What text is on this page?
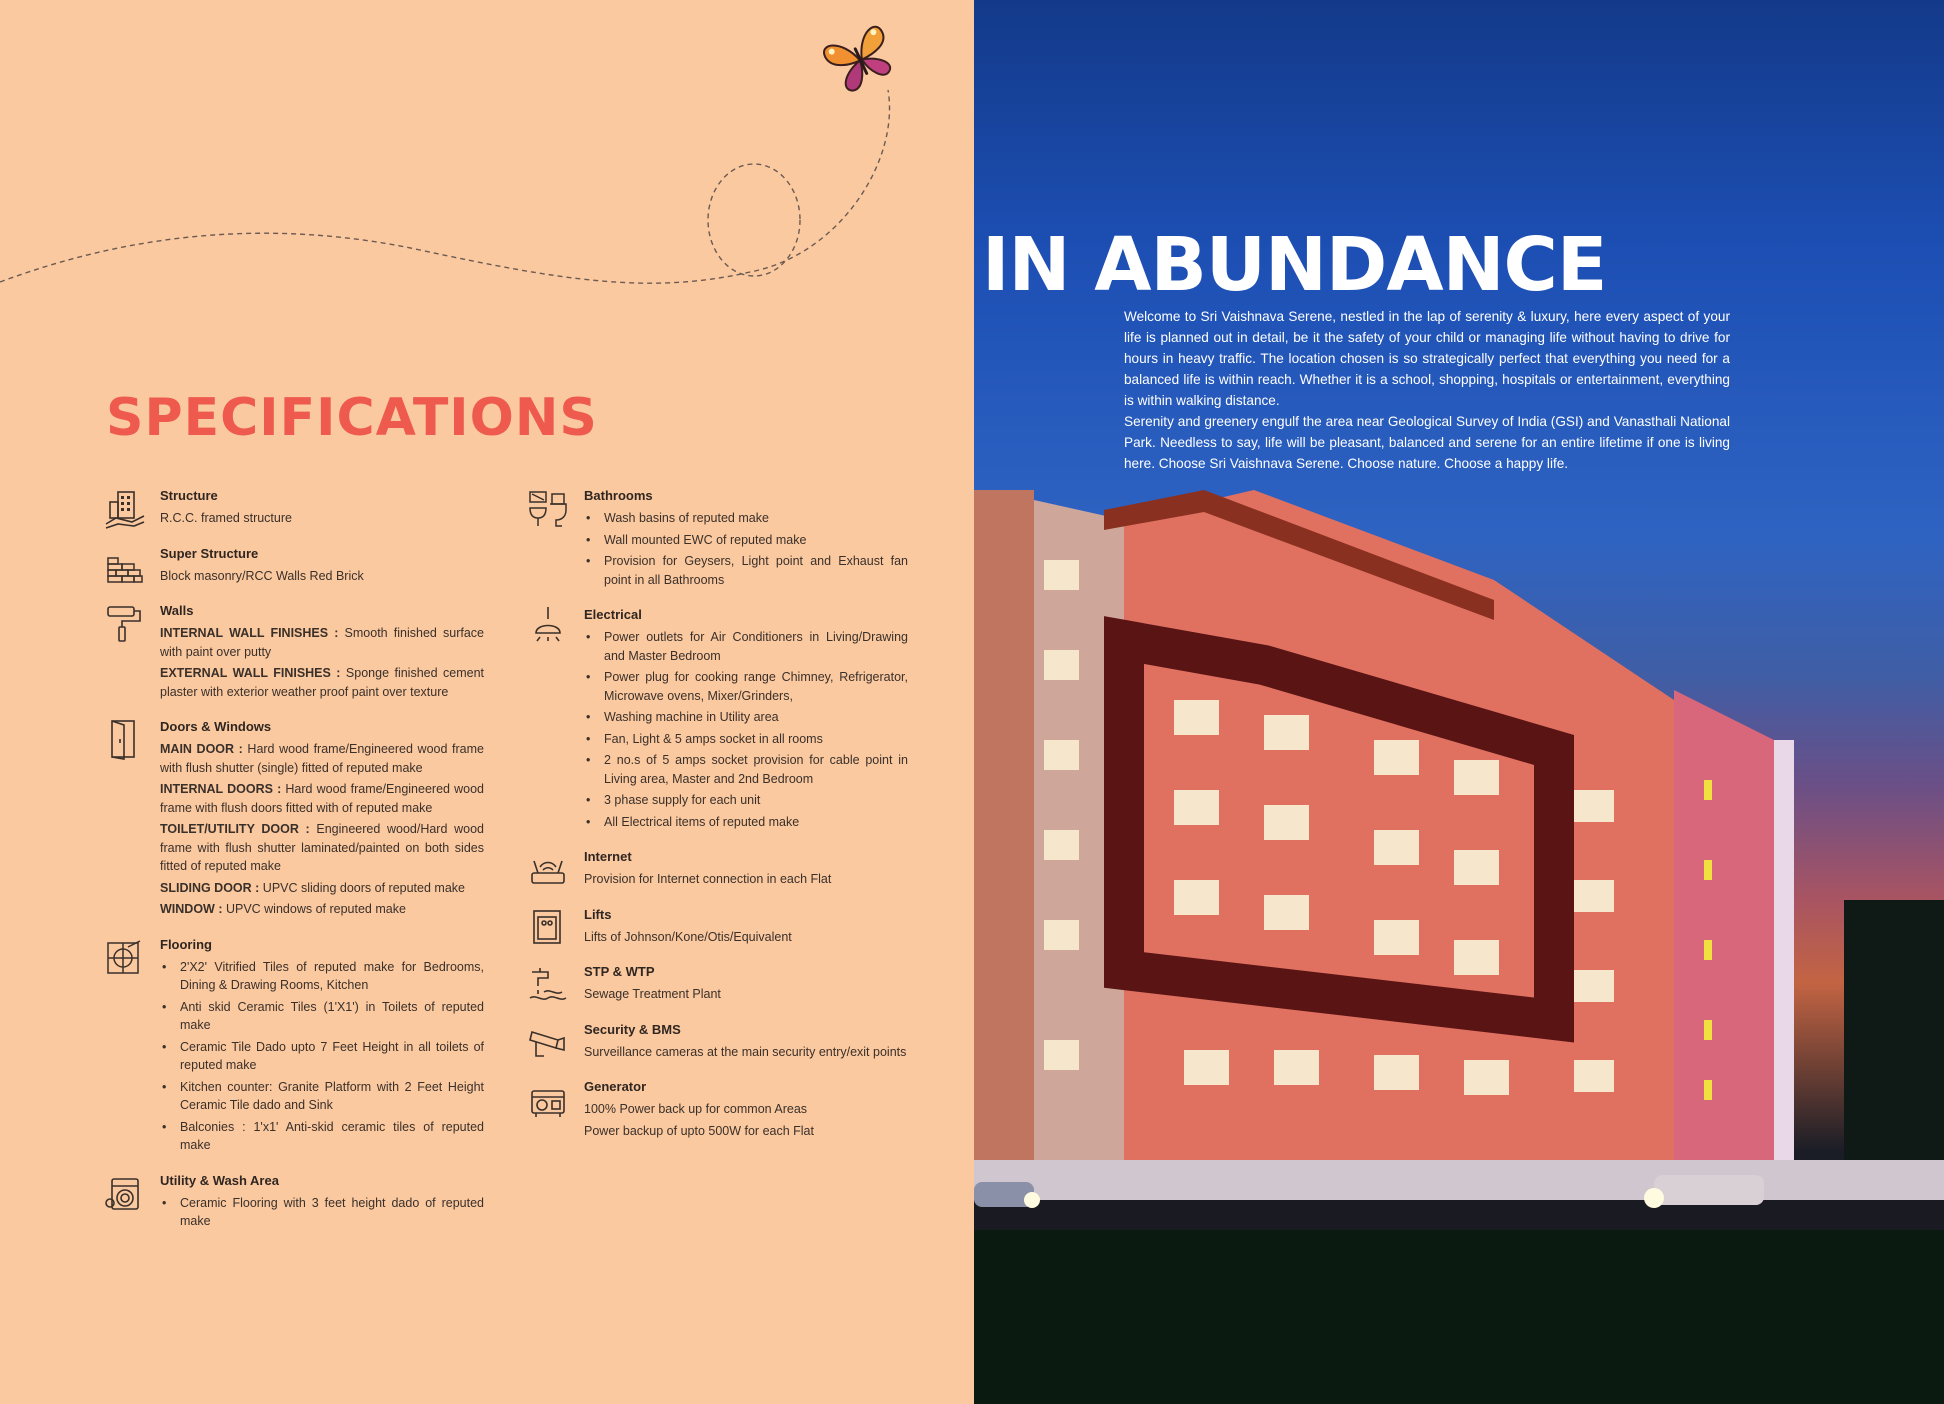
SPECIFICATIONS
Structure

R.C.C. framed structure

Super Structure

Block masonry/RCC Walls Red Brick

Walls

INTERNAL WALL FINISHES : Smooth finished surface with paint over putty

EXTERNAL WALL FINISHES : Sponge finished cement plaster with exterior weather proof paint over texture

Doors & Windows

MAIN DOOR : Hard wood frame/Engineered wood frame with flush shutter (single) fitted of reputed make

INTERNAL DOORS : Hard wood frame/Engineered wood frame with flush doors fitted with of reputed make

TOILET/UTILITY DOOR : Engineered wood/Hard wood frame with flush shutter laminated/painted on both sides fitted of reputed make

SLIDING DOOR : UPVC sliding doors of reputed make

WINDOW : UPVC windows of reputed make

Flooring
• 2'X2' Vitrified Tiles of reputed make for Bedrooms, Dining & Drawing Rooms, Kitchen
• Anti skid Ceramic Tiles (1'X1') in Toilets of reputed make
• Ceramic Tile Dado upto 7 Feet Height in all toilets of reputed make
• Kitchen counter: Granite Platform with 2 Feet Height Ceramic Tile dado and Sink
• Balconies : 1'x1' Anti-skid ceramic tiles of reputed make
Utility & Wash Area
• Ceramic Flooring with 3 feet height dado of reputed make
Bathrooms
• Wash basins of reputed make
• Wall mounted EWC of reputed make
• Provision for Geysers, Light point and Exhaust fan point in all Bathrooms
Electrical
• Power outlets for Air Conditioners in Living/Drawing and Master Bedroom
• Power plug for cooking range Chimney, Refrigerator, Microwave ovens, Mixer/Grinders,
• Washing machine in Utility area
• Fan, Light & 5 amps socket in all rooms
• 2 no.s of 5 amps socket provision for cable point in Living area, Master and 2nd Bedroom
• 3 phase supply for each unit
• All Electrical items of reputed make
Internet

Provision for Internet connection in each Flat

Lifts

Lifts of Johnson/Kone/Otis/Equivalent

STP & WTP

Sewage Treatment Plant

Security & BMS

Surveillance cameras at the main security entry/exit points

Generator

100% Power back up for common Areas

Power backup of upto 500W for each Flat

IN ABUNDANCE

Welcome to Sri Vaishnava Serene, nestled in the lap of serenity & luxury, here every aspect of your life is planned out in detail, be it the safety of your child or managing life without having to drive for hours in heavy traffic. The location chosen is so strategically perfect that everything you need for a balanced life is within reach. Whether it is a school, shopping, hospitals or entertainment, everything is within walking distance.

Serenity and greenery engulf the area near Geological Survey of India (GSI) and Vanasthali National Park. Needless to say, life will be pleasant, balanced and serene for an entire lifetime if one is living here. Choose Sri Vaishnava Serene. Choose nature. Choose a happy life.
